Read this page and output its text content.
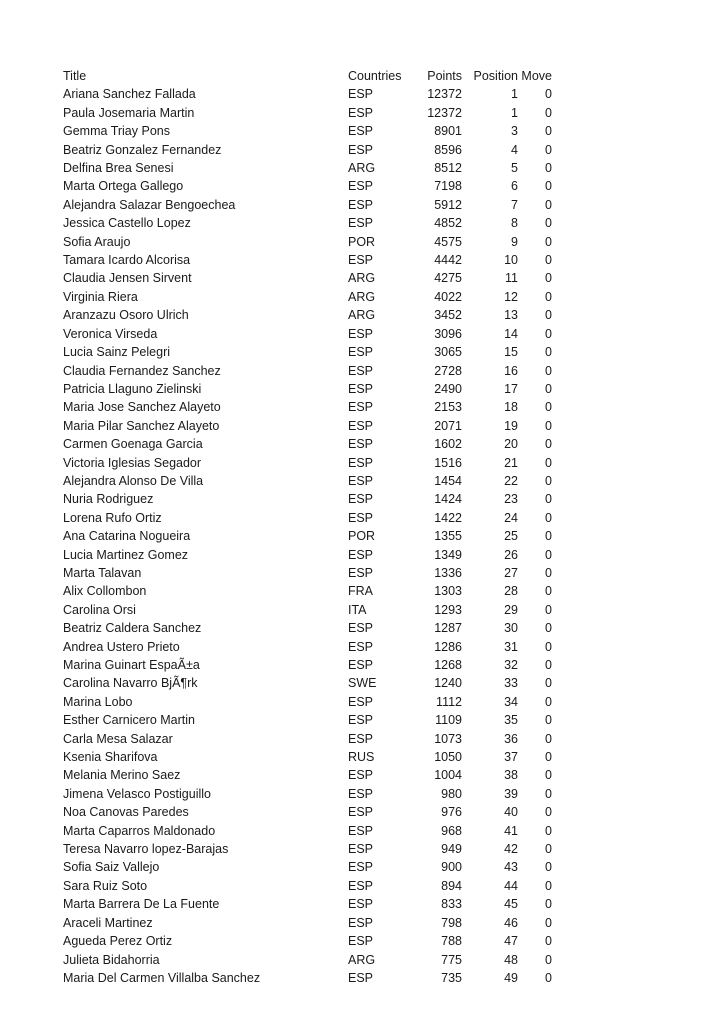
Title	Countries	Points	Position	Move
Ariana Sanchez Fallada	ESP	12372	1	0
Paula Josemaria Martin	ESP	12372	1	0
Gemma Triay Pons	ESP	8901	3	0
Beatriz Gonzalez Fernandez	ESP	8596	4	0
Delfina Brea Senesi	ARG	8512	5	0
Marta Ortega Gallego	ESP	7198	6	0
Alejandra Salazar Bengoechea	ESP	5912	7	0
Jessica Castello Lopez	ESP	4852	8	0
Sofia Araujo	POR	4575	9	0
Tamara Icardo Alcorisa	ESP	4442	10	0
Claudia Jensen Sirvent	ARG	4275	11	0
Virginia Riera	ARG	4022	12	0
Aranzazu Osoro Ulrich	ARG	3452	13	0
Veronica Virseda	ESP	3096	14	0
Lucia Sainz Pelegri	ESP	3065	15	0
Claudia Fernandez Sanchez	ESP	2728	16	0
Patricia Llaguno Zielinski	ESP	2490	17	0
Maria Jose Sanchez Alayeto	ESP	2153	18	0
Maria Pilar Sanchez Alayeto	ESP	2071	19	0
Carmen Goenaga Garcia	ESP	1602	20	0
Victoria Iglesias Segador	ESP	1516	21	0
Alejandra Alonso De Villa	ESP	1454	22	0
Nuria Rodriguez	ESP	1424	23	0
Lorena Rufo Ortiz	ESP	1422	24	0
Ana Catarina Nogueira	POR	1355	25	0
Lucia Martinez Gomez	ESP	1349	26	0
Marta Talavan	ESP	1336	27	0
Alix Collombon	FRA	1303	28	0
Carolina Orsi	ITA	1293	29	0
Beatriz Caldera Sanchez	ESP	1287	30	0
Andrea Ustero Prieto	ESP	1286	31	0
Marina Guinart EspaÃ±a	ESP	1268	32	0
Carolina Navarro BjÃ¶rk	SWE	1240	33	0
Marina Lobo	ESP	1112	34	0
Esther Carnicero Martin	ESP	1109	35	0
Carla Mesa Salazar	ESP	1073	36	0
Ksenia Sharifova	RUS	1050	37	0
Melania Merino Saez	ESP	1004	38	0
Jimena Velasco Postiguillo	ESP	980	39	0
Noa Canovas Paredes	ESP	976	40	0
Marta Caparros Maldonado	ESP	968	41	0
Teresa Navarro lopez-Barajas	ESP	949	42	0
Sofia Saiz Vallejo	ESP	900	43	0
Sara Ruiz Soto	ESP	894	44	0
Marta Barrera De La Fuente	ESP	833	45	0
Araceli Martinez	ESP	798	46	0
Agueda Perez Ortiz	ESP	788	47	0
Julieta Bidahorria	ARG	775	48	0
Maria Del Carmen Villalba Sanchez	ESP	735	49	0
